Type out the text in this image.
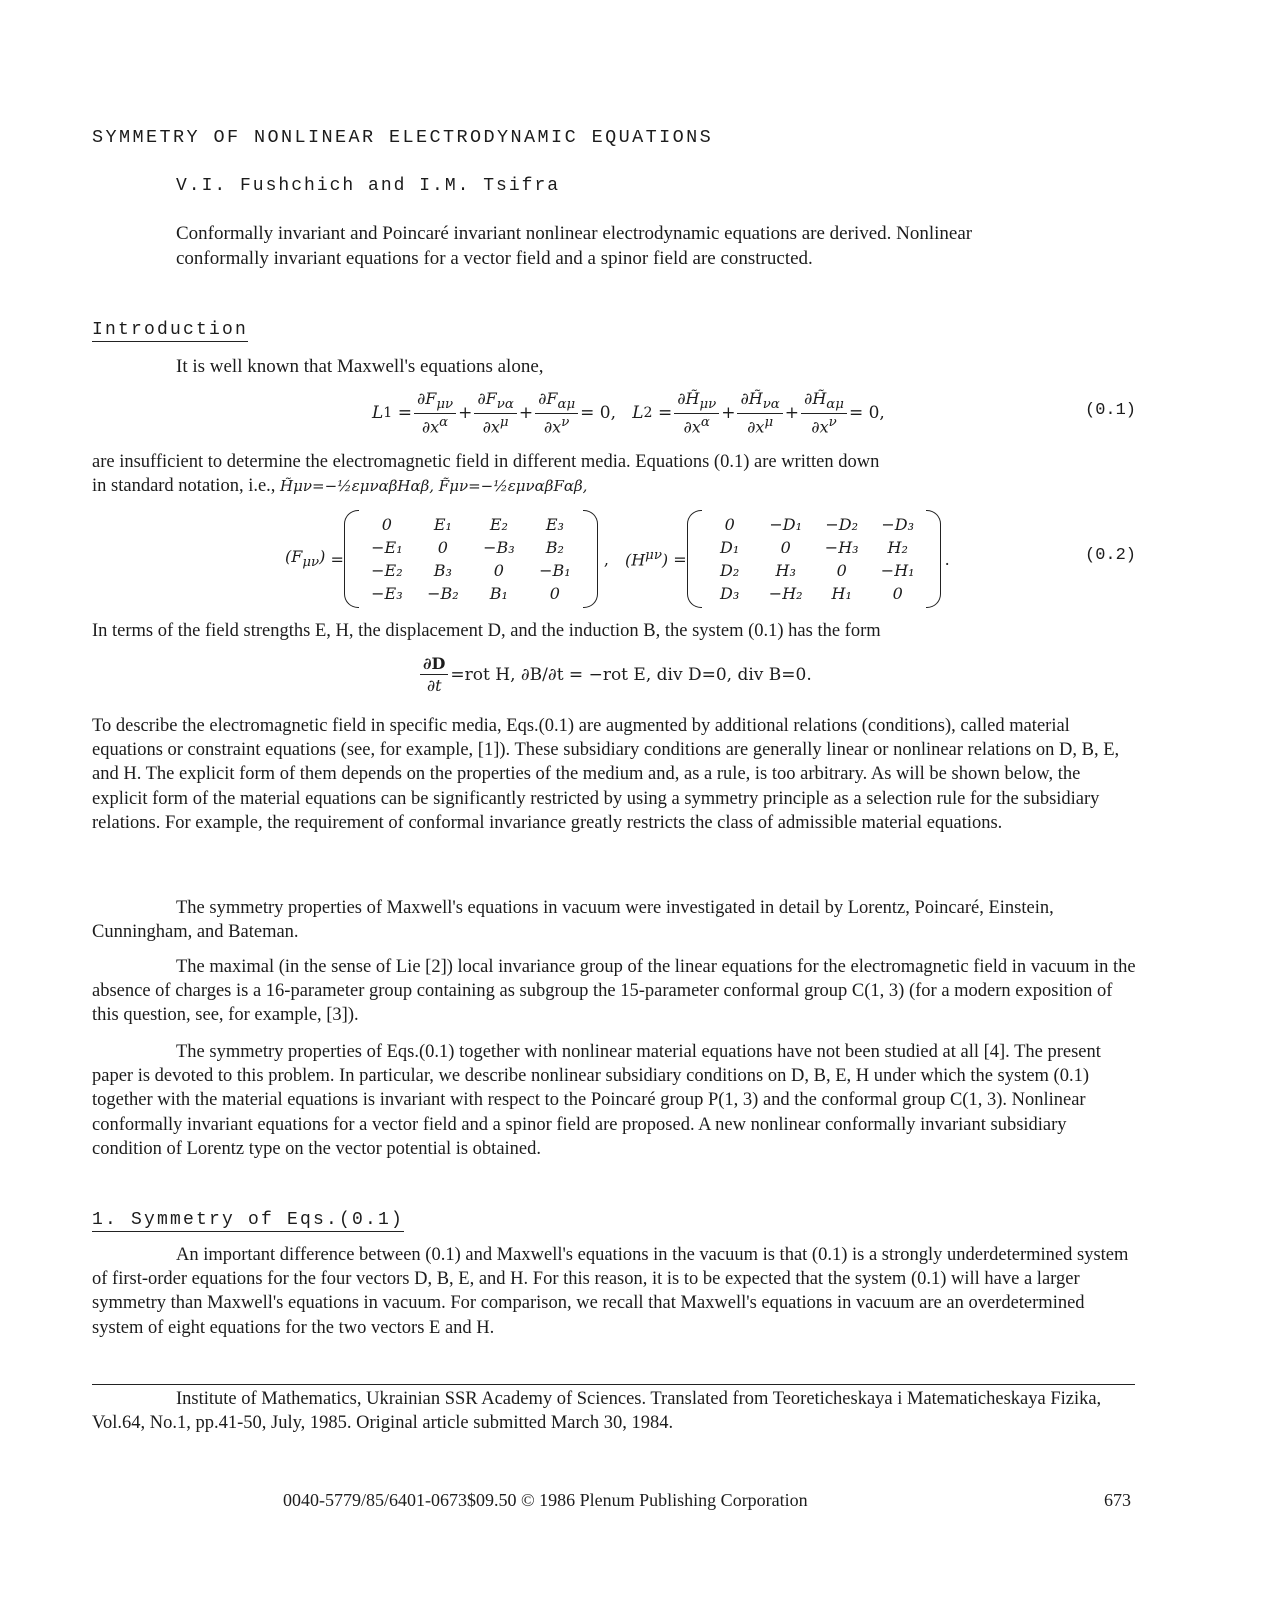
SYMMETRY OF NONLINEAR ELECTRODYNAMIC EQUATIONS
V.I. Fushchich and I.M. Tsifra
Conformally invariant and Poincaré invariant nonlinear electrodynamic equations are derived. Nonlinear conformally invariant equations for a vector field and a spinor field are constructed.
Introduction
It is well known that Maxwell's equations alone,
L $1 = \frac{\partial F_{\mu\nu}}{\partial x^\alpha} + \frac{\partial F_{\nu\alpha}}{\partial x^\mu} + \frac{\partial F_{\alpha\mu}}{\partial x^\nu} = 0$, L $2 = \frac{\partial H̃_{\mu\nu}}{\partial x^\alpha} + \frac{\partial H̃_{\nu\alpha}}{\partial x^\mu} + \frac{\partial H̃_{\alpha\mu}}{\partial x^\nu} = 0$,	(0.1)
are insufficient to determine the electromagnetic field in different media. Equations (0.1) are written down
in standard notation, i.e., H̃μν=−½εμναβHαβ, F̃μν=−½εμναβFαβ,
$(F_{\mu\nu})$ =
0	E₁	E₂	E₃
−E₁	0	−B₃	B₂
−E₂	B₃	0	−B₁
−E₃	−B₂	B₁	0
, $(H^{\mu\nu})$ =
0	−D₁	−D₂	−D₃
D₁	0	−H₃	H₂
D₂	H₃	0	−H₁
D₃	−H₂	H₁	0
.	(0.2)
In terms of the field strengths E, H, the displacement D, and the induction B, the system (0.1) has the form
$\frac{\partial D}{\partial t} =rot$ H, ∂B/∂t = −rot E, div D=0, div B=0.
To describe the electromagnetic field in specific media, Eqs.(0.1) are augmented by additional relations (conditions), called material equations or constraint equations (see, for example, [1]). These subsidiary conditions are generally linear or nonlinear relations on D, B, E, and H. The explicit form of them depends on the properties of the medium and, as a rule, is too arbitrary. As will be shown below, the explicit form of the material equations can be significantly restricted by using a symmetry principle as a selection rule for the subsidiary relations. For example, the requirement of conformal invariance greatly restricts the class of admissible material equations.
The symmetry properties of Maxwell's equations in vacuum were investigated in detail by Lorentz, Poincaré, Einstein, Cunningham, and Bateman.
The maximal (in the sense of Lie [2]) local invariance group of the linear equations for the electromagnetic field in vacuum in the absence of charges is a 16-parameter group containing as subgroup the 15-parameter conformal group C(1, 3) (for a modern exposition of this question, see, for example, [3]).
The symmetry properties of Eqs.(0.1) together with nonlinear material equations have not been studied at all [4]. The present paper is devoted to this problem. In particular, we describe nonlinear subsidiary conditions on D, B, E, H under which the system (0.1) together with the material equations is invariant with respect to the Poincaré group P(1, 3) and the conformal group C(1, 3). Nonlinear conformally invariant equations for a vector field and a spinor field are proposed. A new nonlinear conformally invariant subsidiary condition of Lorentz type on the vector potential is obtained.
1. Symmetry of Eqs.(0.1)
An important difference between (0.1) and Maxwell's equations in the vacuum is that (0.1) is a strongly underdetermined system of first-order equations for the four vectors D, B, E, and H. For this reason, it is to be expected that the system (0.1) will have a larger symmetry than Maxwell's equations in vacuum. For comparison, we recall that Maxwell's equations in vacuum are an overdetermined system of eight equations for the two vectors E and H.
Institute of Mathematics, Ukrainian SSR Academy of Sciences. Translated from Teoreticheskaya i Matematicheskaya Fizika, Vol.64, No.1, pp.41-50, July, 1985. Original article submitted March 30, 1984.
0040-5779/85/6401-0673$09.50 © 1986 Plenum Publishing Corporation	673
